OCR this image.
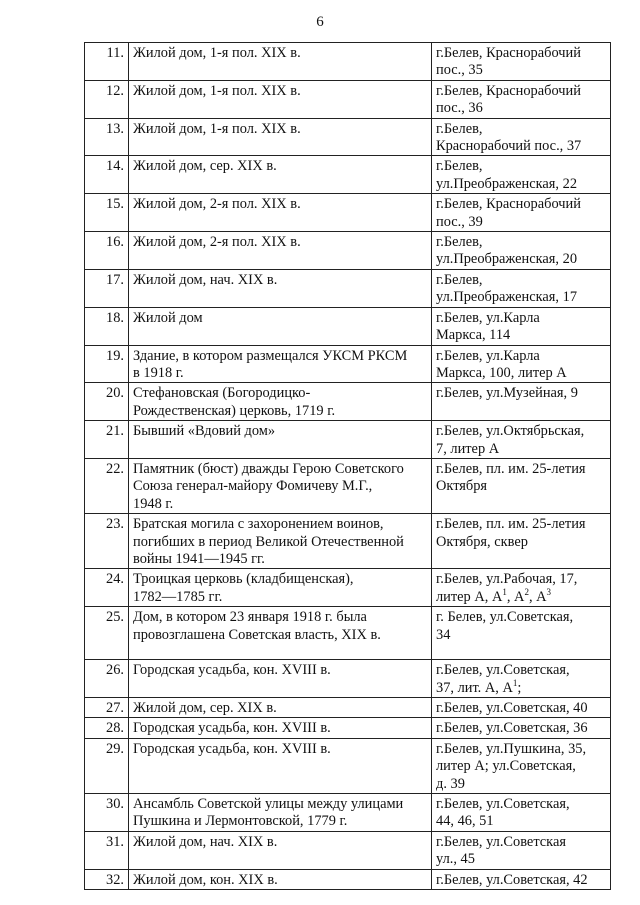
6
11.	Жилой дом, 1-я пол. XIX в.	г.Белев, Краснорабочий
пос., 35

12.	Жилой дом, 1-я пол. XIX в.	г.Белев, Краснорабочий
пос., 36

13.	Жилой дом, 1-я пол. XIX в.	г.Белев,
Краснорабочий пос., 37

14.	Жилой дом, сер. XIX в.	г.Белев,
ул.Преображенская, 22

15.	Жилой дом, 2-я пол. XIX в.	г.Белев, Краснорабочий
пос., 39

16.	Жилой дом, 2-я пол. XIX в.	г.Белев,
ул.Преображенская, 20

17.	Жилой дом, нач. XIX в.	г.Белев,
ул.Преображенская, 17

18.	Жилой дом	г.Белев, ул.Карла
Маркса, 114

19.	Здание, в котором размещался УКСМ РКСМ
в 1918 г.	г.Белев, ул.Карла
Маркса, 100, литер А

20.	Стефановская (Богородицко-
Рождественская) церковь, 1719 г.	г.Белев, ул.Музейная, 9

21.	Бывший «Вдовий дом»	г.Белев, ул.Октябрьская,
7, литер А

22.	Памятник (бюст) дважды Герою Советского
Союза генерал-майору Фомичеву М.Г.,
1948 г.	г.Белев, пл. им. 25-летия
Октября

23.	Братская могила с захоронением воинов,
погибших в период Великой Отечественной
войны 1941—1945 гг.	г.Белев, пл. им. 25-летия
Октября, сквер

24.	Троицкая церковь (кладбищенская),
1782—1785 гг.	г.Белев, ул.Рабочая, 17,
литер А, $А^1$, $А^2$, $А^3$
25.	Дом, в котором 23 января 1918 г. была
провозглашена Советская власть, XIX в.	г. Белев, ул.Советская,
34

26.	Городская усадьба, кон. XVIII в.	г.Белев, ул.Советская,
37, лит. А, $А^1$;
27.	Жилой дом, сер. XIX в.	г.Белев, ул.Советская, 40

28.	Городская усадьба, кон. XVIII в.	г.Белев, ул.Советская, 36

29.	Городская усадьба, кон. XVIII в.	г.Белев, ул.Пушкина, 35,
литер А; ул.Советская,
д. 39

30.	Ансамбль Советской улицы между улицами
Пушкина и Лермонтовской, 1779 г.	г.Белев, ул.Советская,
44, 46, 51

31.	Жилой дом, нач. XIX в.	г.Белев, ул.Советская
ул., 45

32.	Жилой дом, кон. XIX в.	г.Белев, ул.Советская, 42
